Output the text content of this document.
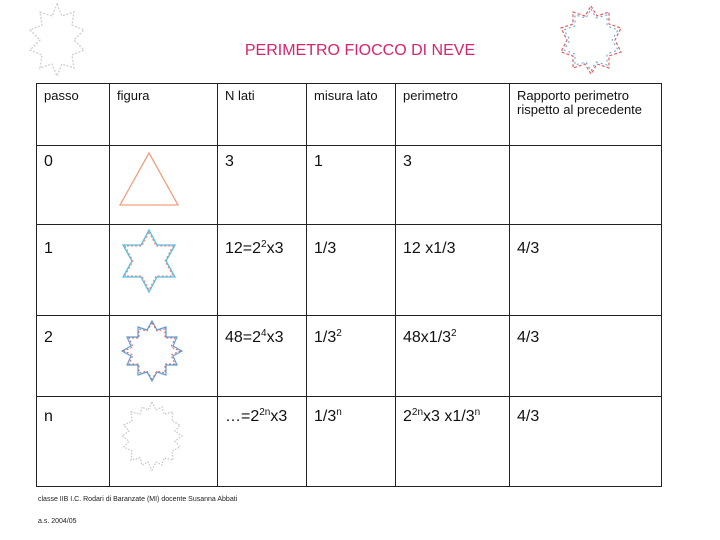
PERIMETRO FIOCCO DI NEVE
passo	figura	N lati	misura lato	perimetro	Rapporto perimetro rispetto al precedente
0		3	1	3	
1		$12=2^2x3$	1/3	12 x1/3	4/3
2		$48=2^4x3$	$1/3^2$	$48x1/3^2$	4/3
n		$\dots=2^{2n}x3$	1/3$^n$	$2^{2n}x3$ x1/3$^n$	4/3
classe IIB I.C. Rodari di Baranzate (MI) docente Susanna Abbati
a.s. 2004/05
